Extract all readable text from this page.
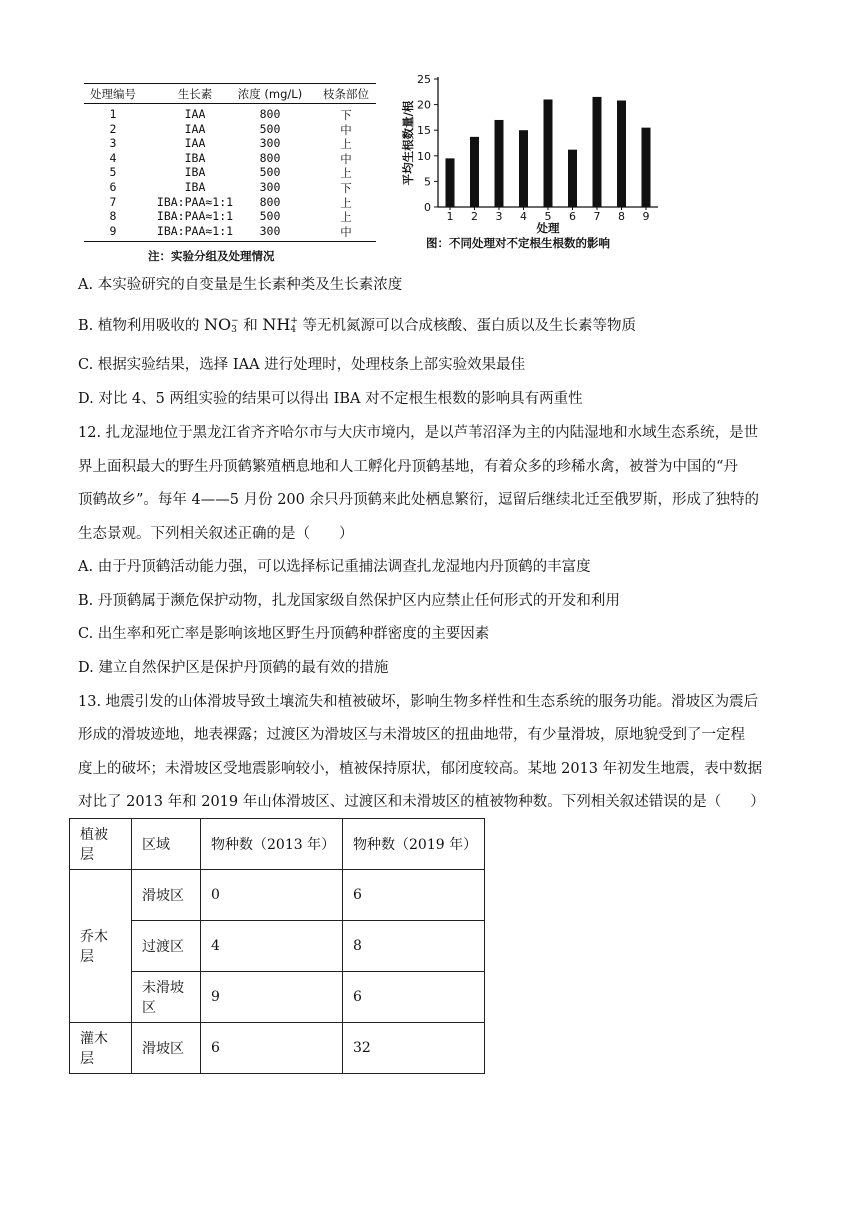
处理编号	生长素	浓度 (mg/L)	枝条部位
1	IAA	800	下
2	IAA	500	中
3	IAA	300	上
4	IBA	800	中
5	IBA	500	上
6	IBA	300	下
7	IBA:PAA≈1:1	800	上
8	IBA:PAA≈1:1	500	上
9	IBA:PAA≈1:1	300	中
注：实验分组及处理情况
0
5
10
15
20
25
1 2 3 4 5 6 7 8 9
处理
平均生根数量/根
图：不同处理对不定根生根数的影响
A. 本实验研究的自变量是生长素种类及生长素浓度
B. 植物利用吸收的 NO−
3 和 NH+
4 等无机氮源可以合成核酸、蛋白质以及生长素等物质
C. 根据实验结果，选择 IAA 进行处理时，处理枝条上部实验效果最佳
D. 对比 4、5 两组实验的结果可以得出 IBA 对不定根生根数的影响具有两重性
12. 扎龙湿地位于黑龙江省齐齐哈尔市与大庆市境内，是以芦苇沼泽为主的内陆湿地和水域生态系统，是世
界上面积最大的野生丹顶鹤繁殖栖息地和人工孵化丹顶鹤基地，有着众多的珍稀水禽，被誉为中国的“丹
顶鹤故乡”。每年 4——5 月份 200 余只丹顶鹤来此处栖息繁衍，逗留后继续北迁至俄罗斯，形成了独特的
生态景观。下列相关叙述正确的是（　　）
A. 由于丹顶鹤活动能力强，可以选择标记重捕法调查扎龙湿地内丹顶鹤的丰富度
B. 丹顶鹤属于濒危保护动物，扎龙国家级自然保护区内应禁止任何形式的开发和利用
C. 出生率和死亡率是影响该地区野生丹顶鹤种群密度的主要因素
D. 建立自然保护区是保护丹顶鹤的最有效的措施
13. 地震引发的山体滑坡导致土壤流失和植被破坏，影响生物多样性和生态系统的服务功能。滑坡区为震后
形成的滑坡迹地，地表裸露；过渡区为滑坡区与未滑坡区的扭曲地带，有少量滑坡，原地貌受到了一定程
度上的破坏；未滑坡区受地震影响较小，植被保持原状，郁闭度较高。某地 2013 年初发生地震，表中数据
对比了 2013 年和 2019 年山体滑坡区、过渡区和未滑坡区的植被物种数。下列相关叙述错误的是（　　）
植被层	区域	物种数（2013 年）	物种数（2019 年）
乔木层	滑坡区	0	6
	过渡区	4	8
	未滑坡区	9	6
灌木层	滑坡区	6	32
